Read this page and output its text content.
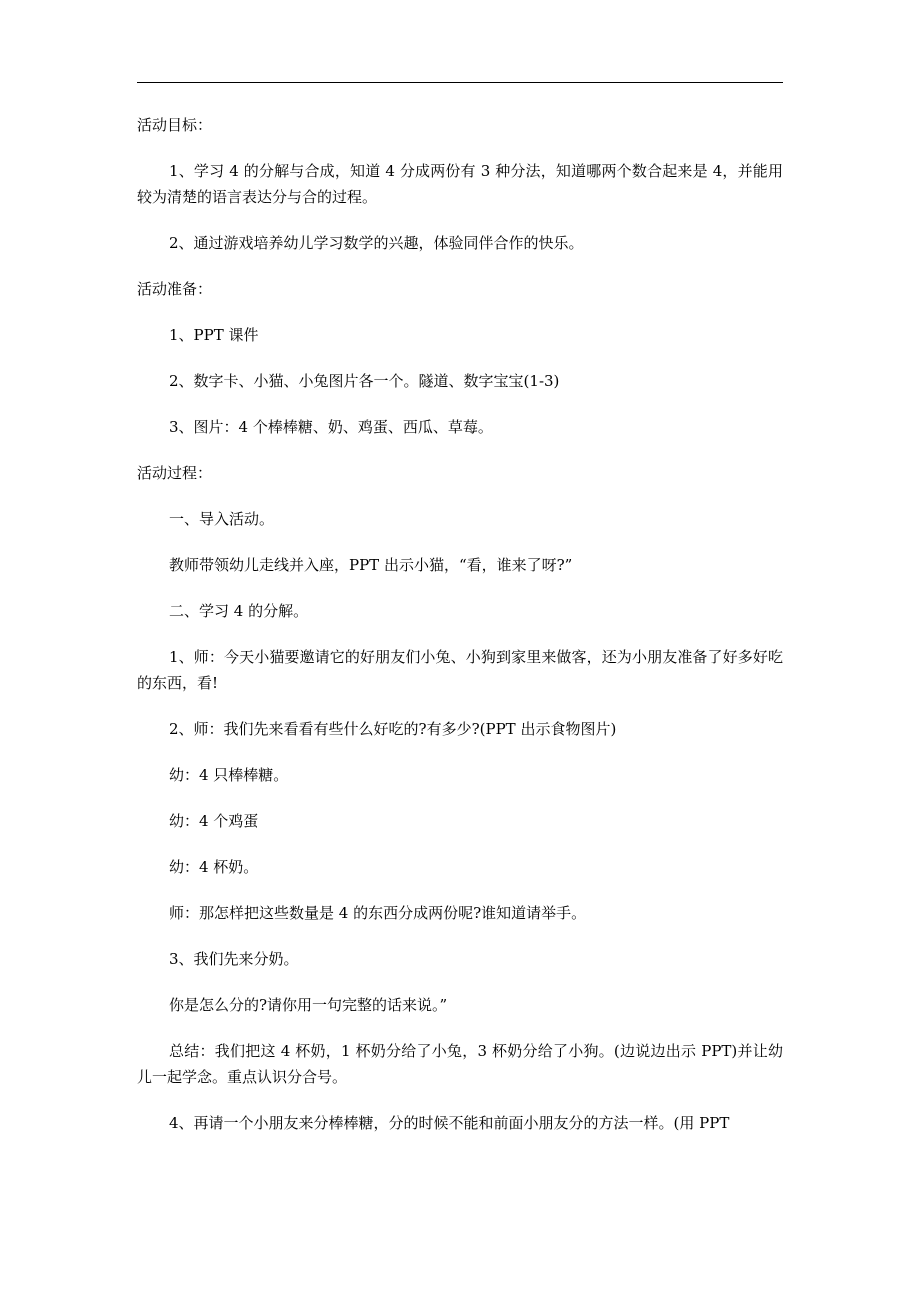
活动目标：

1、学习 4 的分解与合成，知道 4 分成两份有 3 种分法，知道哪两个数合起来是 4，并能用较为清楚的语言表达分与合的过程。

2、通过游戏培养幼儿学习数学的兴趣，体验同伴合作的快乐。

活动准备：

1、PPT 课件

2、数字卡、小猫、小兔图片各一个。隧道、数字宝宝(1-3)

3、图片：4 个棒棒糖、奶、鸡蛋、西瓜、草莓。

活动过程：

一、导入活动。

教师带领幼儿走线并入座，PPT 出示小猫，“看，谁来了呀?”

二、学习 4 的分解。

1、师：今天小猫要邀请它的好朋友们小兔、小狗到家里来做客，还为小朋友准备了好多好吃的东西，看!

2、师：我们先来看看有些什么好吃的?有多少?(PPT 出示食物图片)

幼：4 只棒棒糖。

幼：4 个鸡蛋

幼：4 杯奶。

师：那怎样把这些数量是 4 的东西分成两份呢?谁知道请举手。

3、我们先来分奶。

你是怎么分的?请你用一句完整的话来说。”

总结：我们把这 4 杯奶，1 杯奶分给了小兔，3 杯奶分给了小狗。(边说边出示 PPT)并让幼儿一起学念。重点认识分合号。

4、再请一个小朋友来分棒棒糖，分的时候不能和前面小朋友分的方法一样。(用 PPT
